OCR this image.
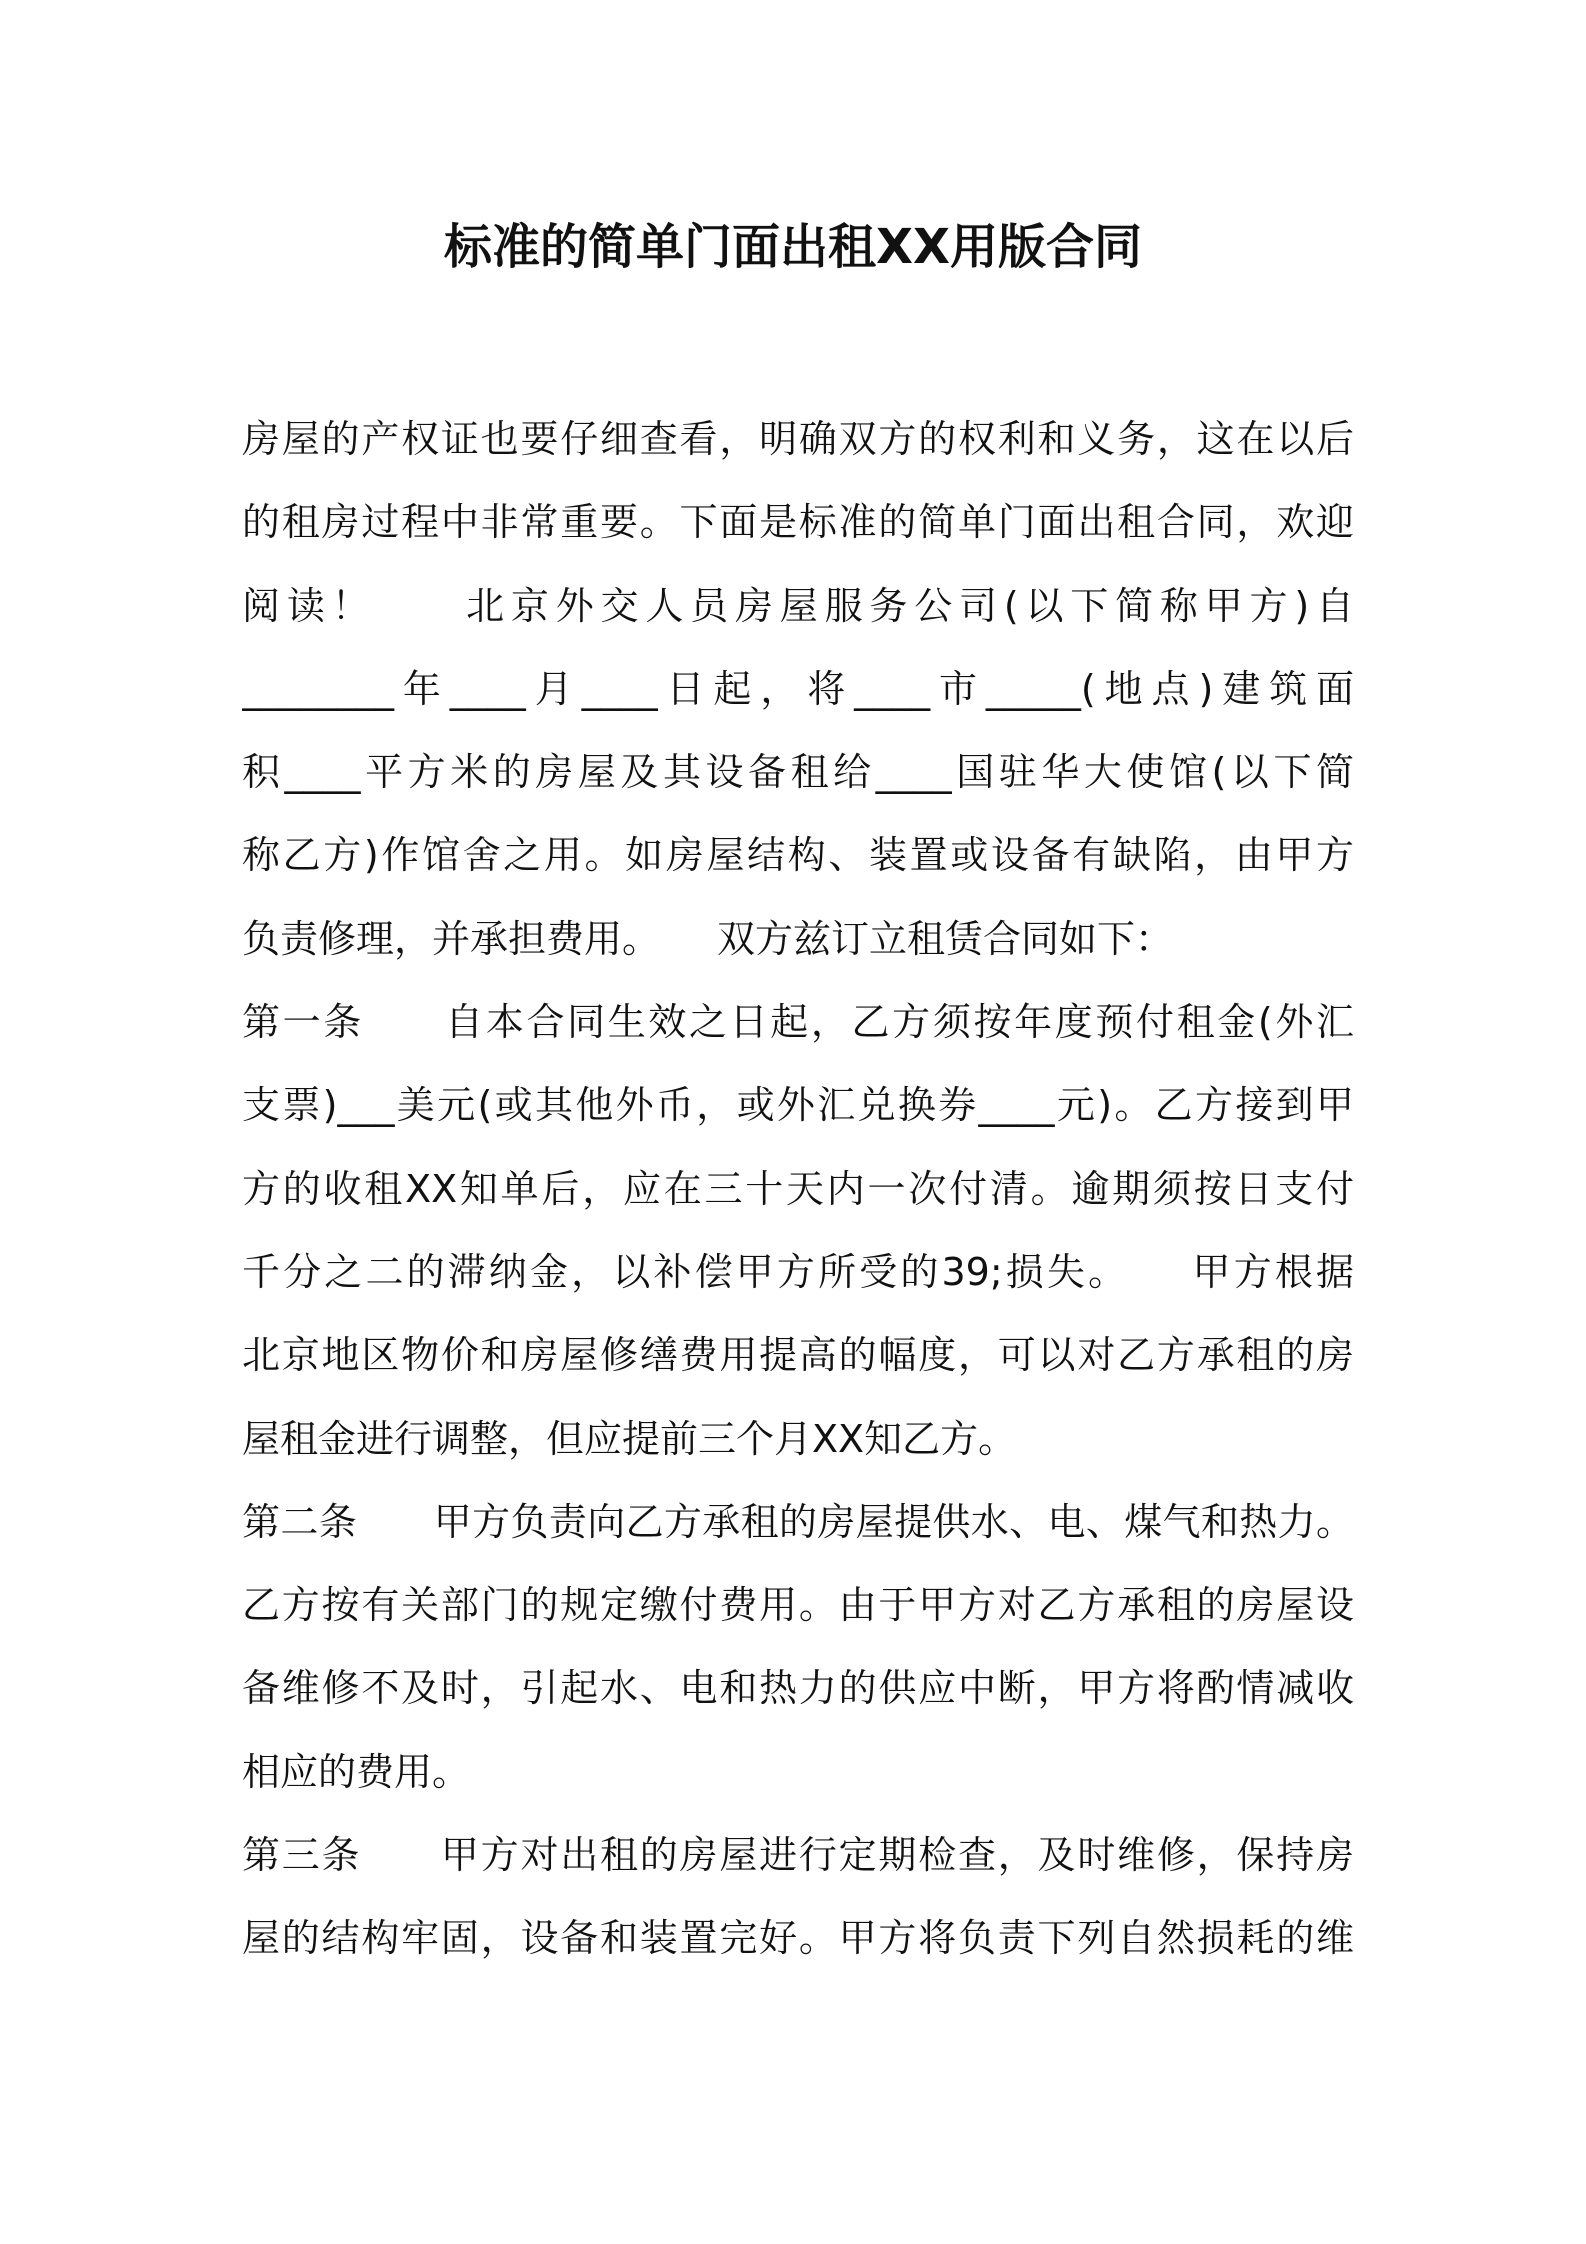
标准的简单门面出租XX用版合同
房屋的产权证也要仔细查看，明确双方的权利和义务，这在以后
的租房过程中非常重要。下面是标准的简单门面出租合同，欢迎
阅读！　　北京外交人员房屋服务公司(以下简称甲方)自
________年____月____日起，将____市_____(地点)建筑面
积____平方米的房屋及其设备租给____国驻华大使馆(以下简
称乙方)作馆舍之用。如房屋结构、装置或设备有缺陷，由甲方
负责修理，并承担费用。　　双方兹订立租赁合同如下：
第一条　　自本合同生效之日起，乙方须按年度预付租金(外汇
支票)___美元(或其他外币，或外汇兑换券____元)。乙方接到甲
方的收租XX知单后，应在三十天内一次付清。逾期须按日支付
千分之二的滞纳金，以补偿甲方所受的39;损失。　　甲方根据
北京地区物价和房屋修缮费用提高的幅度，可以对乙方承租的房
屋租金进行调整，但应提前三个月XX知乙方。
第二条　　甲方负责向乙方承租的房屋提供水、电、煤气和热力。
乙方按有关部门的规定缴付费用。由于甲方对乙方承租的房屋设
备维修不及时，引起水、电和热力的供应中断，甲方将酌情减收
相应的费用。
第三条　　甲方对出租的房屋进行定期检查，及时维修，保持房
屋的结构牢固，设备和装置完好。甲方将负责下列自然损耗的维
